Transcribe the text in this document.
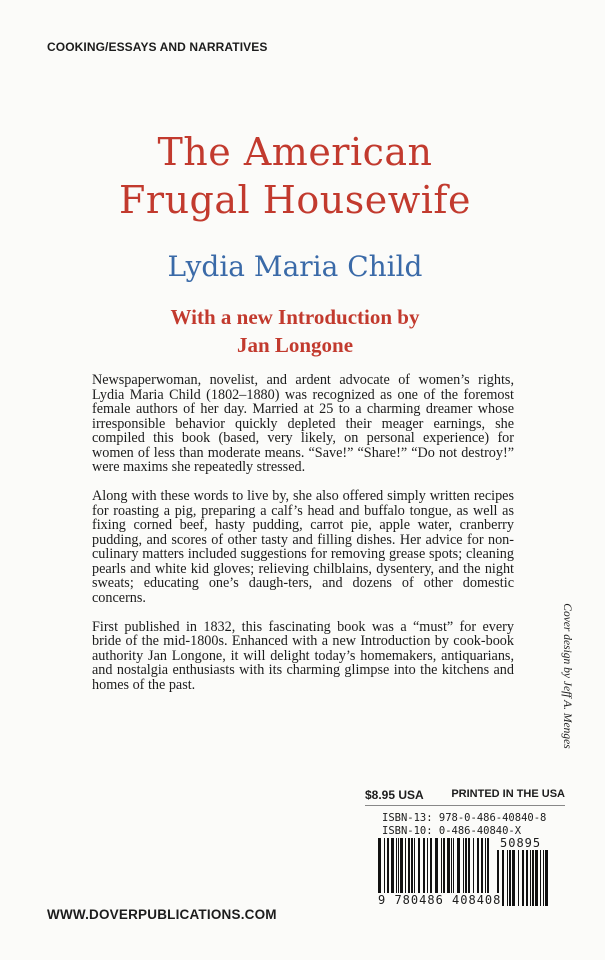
COOKING/ESSAYS AND NARRATIVES
The American
Frugal Housewife
Lydia Maria Child
With a new Introduction by
Jan Longone

Newspaperwoman, novelist, and ardent advocate of women’s rights, Lydia Maria Child (1802–1880) was recognized as one of the foremost female authors of her day. Married at 25 to a charming dreamer whose irresponsible behavior quickly depleted their meager earnings, she compiled this book (based, very likely, on personal experience) for women of less than moderate means. “Save!” “Share!” “Do not destroy!” were maxims she repeatedly stressed.

Along with these words to live by, she also offered simply written recipes for roasting a pig, preparing a calf’s head and buffalo tongue, as well as fixing corned beef, hasty pudding, carrot pie, apple water, cranberry pudding, and scores of other tasty and filling dishes. Her advice for non-culinary matters included suggestions for removing grease spots; cleaning pearls and white kid gloves; relieving chilblains, dysentery, and the night sweats; educating one’s daugh-ters, and dozens of other domestic concerns.

First published in 1832, this fascinating book was a “must” for every bride of the mid-1800s. Enhanced with a new Introduction by cook-book authority Jan Longone, it will delight today’s homemakers, antiquarians, and nostalgia enthusiasts with its charming glimpse into the kitchens and homes of the past.	Cover design by Jeff A. Menges
$8.95 USA	PRINTED IN THE USA
ISBN-13: 978-0-486-40840-8
ISBN-10: 0-486-40840-X
9 780486 408408
50895
WWW.DOVERPUBLICATIONS.COM
